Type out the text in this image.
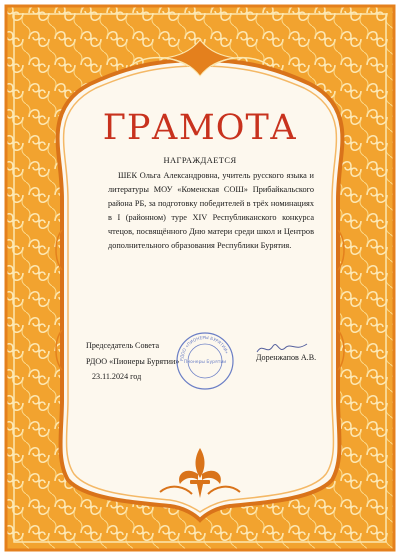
ГРАМОТА
НАГРАЖДАЕТСЯ

ШЕК Ольга Александровна, учитель русского языка и литературы МОУ «Коменская СОШ» Прибайкальского района РБ, за подготовку победителей в трёх номинациях в I (районном) туре XIV Республиканского конкурса чтецов, посвящённого Дню матери среди школ и Центров дополнительного образования Республики Бурятия.

Председатель Совета
РДОО «Пионеры Бурятии» РДОО «ПИОНЕРЫ БУРЯТИИ»
Пионеры Бурятии
Доренжапов А.В.
23.11.2024 год
